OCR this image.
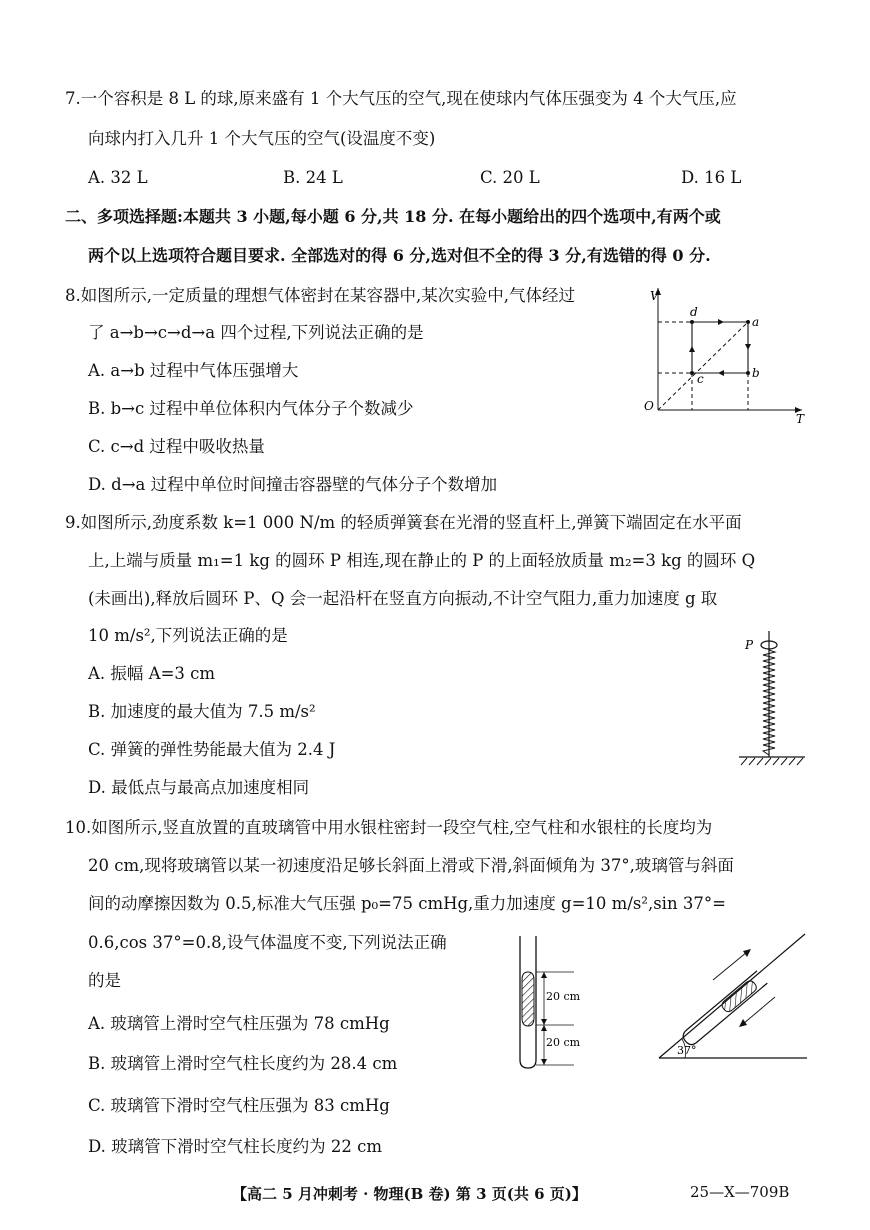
7.一个容积是 8 L 的球,原来盛有 1 个大气压的空气,现在使球内气体压强变为 4 个大气压,应
向球内打入几升 1 个大气压的空气(设温度不变)
A. 32 L	B. 24 L	C. 20 L	D. 16 L
二、多项选择题:本题共 3 小题,每小题 6 分,共 18 分. 在每小题给出的四个选项中,有两个或
两个以上选项符合题目要求. 全部选对的得 6 分,选对但不全的得 3 分,有选错的得 0 分.
8.如图所示,一定质量的理想气体密封在某容器中,某次实验中,气体经过
了 a→b→c→d→a 四个过程,下列说法正确的是
A. a→b 过程中气体压强增大
B. b→c 过程中单位体积内气体分子个数减少
C. c→d 过程中吸收热量
D. d→a 过程中单位时间撞击容器壁的气体分子个数增加
V
T
O
d
a
b
c
9.如图所示,劲度系数 k=1 000 N/m 的轻质弹簧套在光滑的竖直杆上,弹簧下端固定在水平面
上,上端与质量 m₁=1 kg 的圆环 P 相连,现在静止的 P 的上面轻放质量 m₂=3 kg 的圆环 Q
(未画出),释放后圆环 P、Q 会一起沿杆在竖直方向振动,不计空气阻力,重力加速度 g 取
10 m/s²,下列说法正确的是
A. 振幅 A=3 cm
B. 加速度的最大值为 7.5 m/s²
C. 弹簧的弹性势能最大值为 2.4 J
D. 最低点与最高点加速度相同
P
10.如图所示,竖直放置的直玻璃管中用水银柱密封一段空气柱,空气柱和水银柱的长度均为
20 cm,现将玻璃管以某一初速度沿足够长斜面上滑或下滑,斜面倾角为 37°,玻璃管与斜面
间的动摩擦因数为 0.5,标准大气压强 p₀=75 cmHg,重力加速度 g=10 m/s²,sin 37°=
0.6,cos 37°=0.8,设气体温度不变,下列说法正确
的是
A. 玻璃管上滑时空气柱压强为 78 cmHg
B. 玻璃管上滑时空气柱长度约为 28.4 cm
C. 玻璃管下滑时空气柱压强为 83 cmHg
D. 玻璃管下滑时空气柱长度约为 22 cm
20 cm
20 cm
37°
【高二 5 月冲刺考 · 物理(B 卷) 第 3 页(共 6 页)】	25—X—709B
